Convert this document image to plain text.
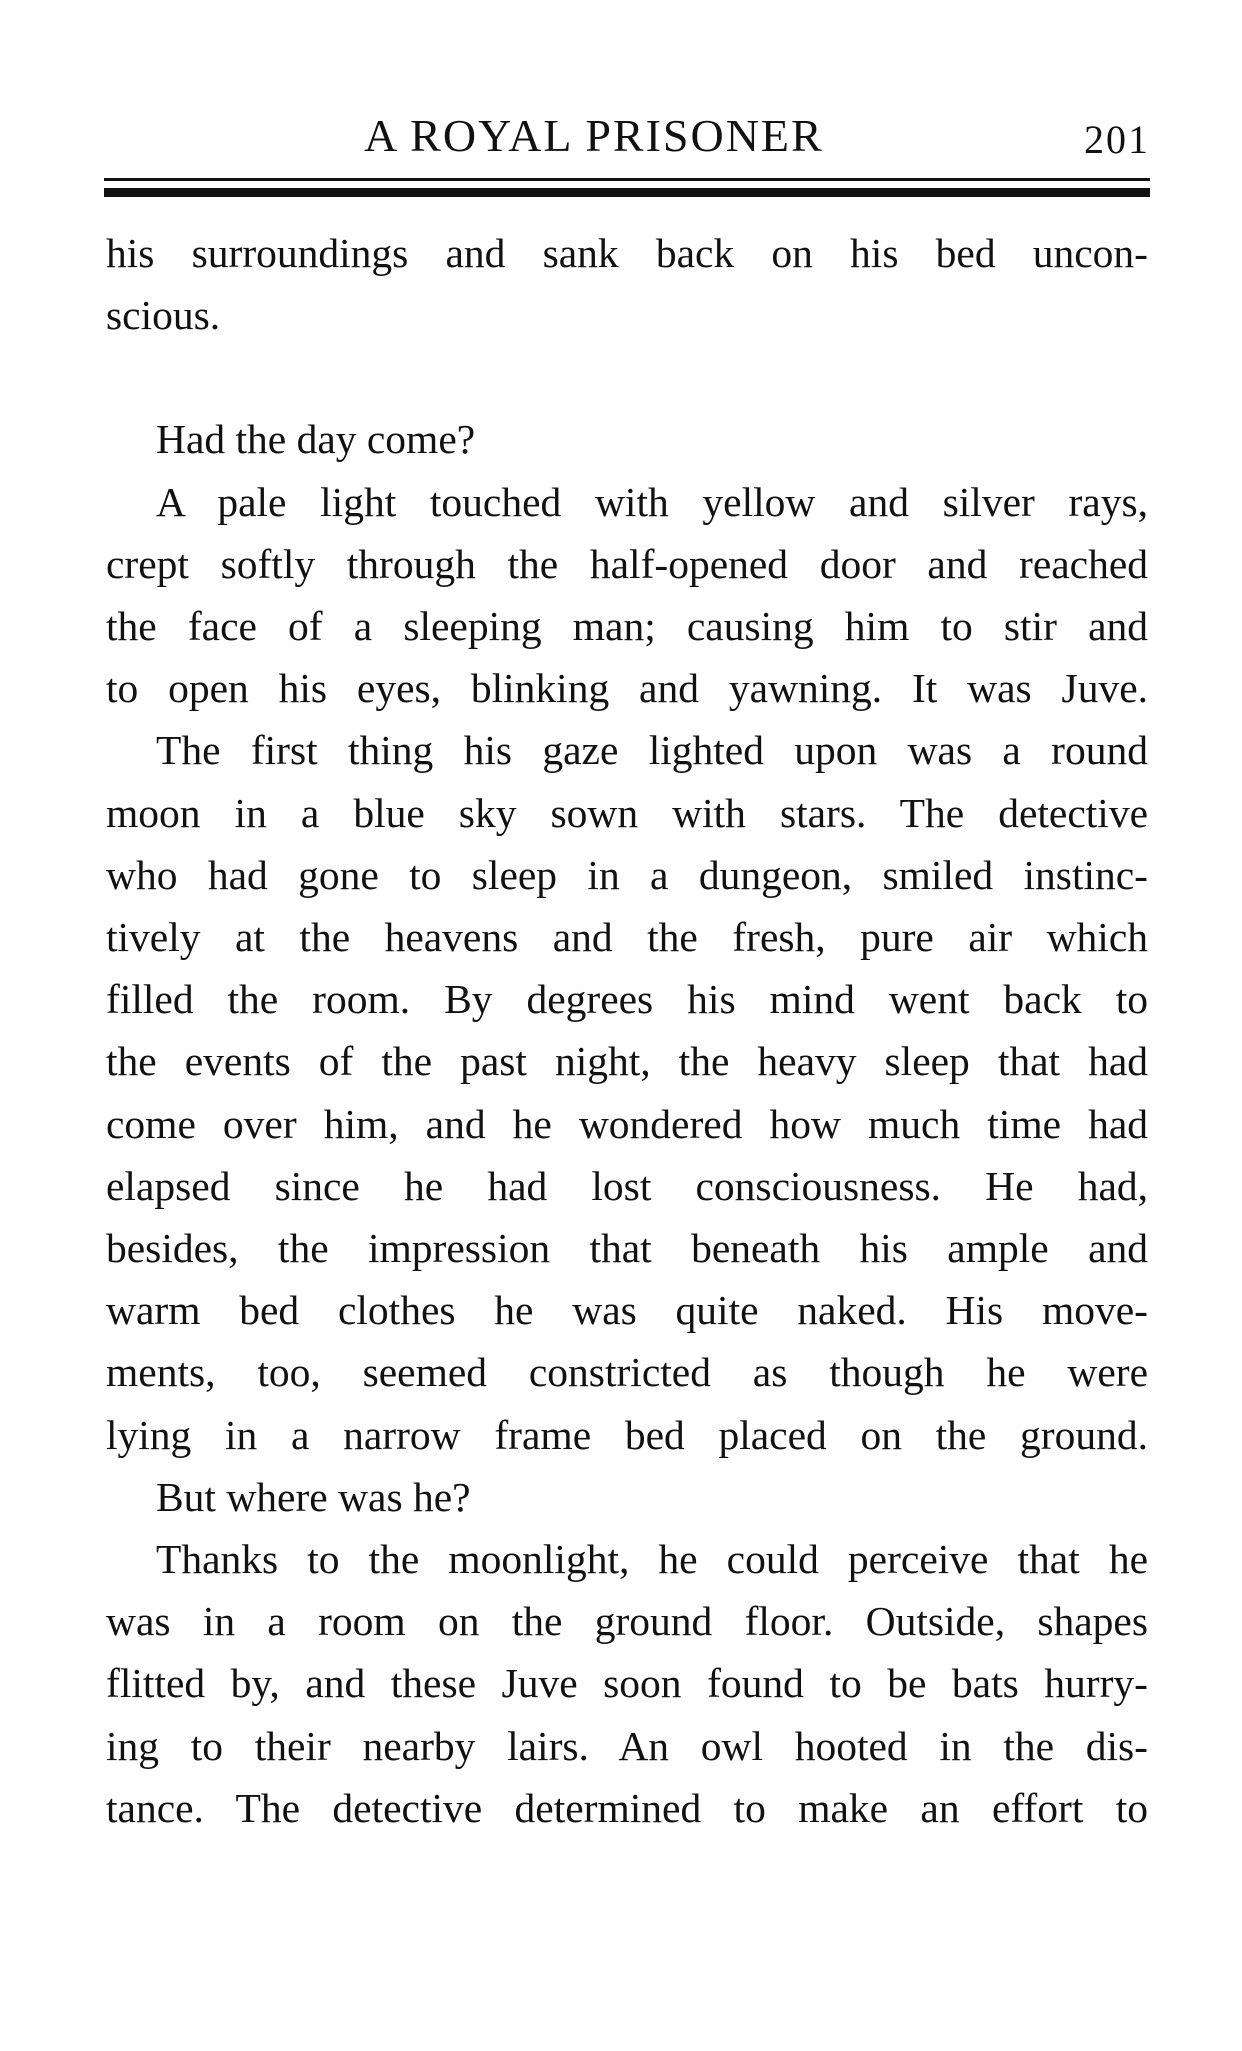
A ROYAL PRISONER	201

his surroundings and sank back on his bed uncon-

scious.

Had the day come?

A pale light touched with yellow and silver rays,

crept softly through the half-opened door and reached

the face of a sleeping man; causing him to stir and

to open his eyes, blinking and yawning. It was Juve.

The first thing his gaze lighted upon was a round

moon in a blue sky sown with stars. The detective

who had gone to sleep in a dungeon, smiled instinc-

tively at the heavens and the fresh, pure air which

filled the room. By degrees his mind went back to

the events of the past night, the heavy sleep that had

come over him, and he wondered how much time had

elapsed since he had lost consciousness. He had,

besides, the impression that beneath his ample and

warm bed clothes he was quite naked. His move-

ments, too, seemed constricted as though he were

lying in a narrow frame bed placed on the ground.

But where was he?

Thanks to the moonlight, he could perceive that he

was in a room on the ground floor. Outside, shapes

flitted by, and these Juve soon found to be bats hurry-

ing to their nearby lairs. An owl hooted in the dis-

tance. The detective determined to make an effort to
